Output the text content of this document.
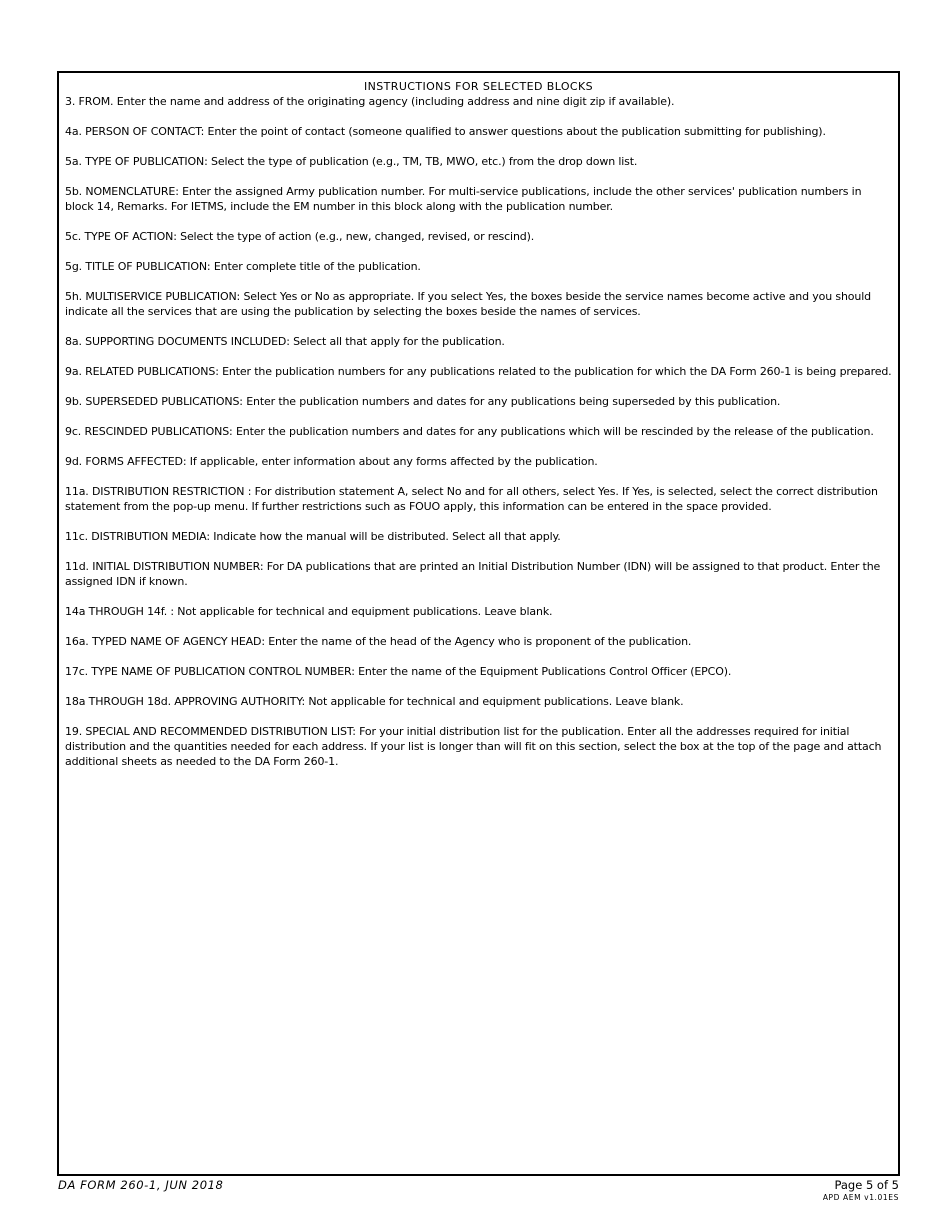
INSTRUCTIONS FOR SELECTED BLOCKS

3. FROM. Enter the name and address of the originating agency (including address and nine digit zip if available).

4a. PERSON OF CONTACT: Enter the point of contact (someone qualified to answer questions about the publication submitting for publishing).

5a. TYPE OF PUBLICATION: Select the type of publication (e.g., TM, TB, MWO, etc.) from the drop down list.

5b. NOMENCLATURE: Enter the assigned Army publication number. For multi-service publications, include the other services' publication numbers in block 14, Remarks. For IETMS, include the EM number in this block along with the publication number.

5c. TYPE OF ACTION: Select the type of action (e.g., new, changed, revised, or rescind).

5g. TITLE OF PUBLICATION: Enter complete title of the publication.

5h. MULTISERVICE PUBLICATION: Select Yes or No as appropriate. If you select Yes, the boxes beside the service names become active and you should indicate all the services that are using the publication by selecting the boxes beside the names of services.

8a. SUPPORTING DOCUMENTS INCLUDED: Select all that apply for the publication.

9a. RELATED PUBLICATIONS: Enter the publication numbers for any publications related to the publication for which the DA Form 260-1 is being prepared.

9b. SUPERSEDED PUBLICATIONS: Enter the publication numbers and dates for any publications being superseded by this publication.

9c. RESCINDED PUBLICATIONS: Enter the publication numbers and dates for any publications which will be rescinded by the release of the publication.

9d. FORMS AFFECTED: If applicable, enter information about any forms affected by the publication.

11a. DISTRIBUTION RESTRICTION : For distribution statement A, select No and for all others, select Yes. If Yes, is selected, select the correct distribution statement from the pop-up menu. If further restrictions such as FOUO apply, this information can be entered in the space provided.

11c. DISTRIBUTION MEDIA: Indicate how the manual will be distributed. Select all that apply.

11d. INITIAL DISTRIBUTION NUMBER: For DA publications that are printed an Initial Distribution Number (IDN) will be assigned to that product. Enter the assigned IDN if known.

14a THROUGH 14f. : Not applicable for technical and equipment publications. Leave blank.

16a. TYPED NAME OF AGENCY HEAD: Enter the name of the head of the Agency who is proponent of the publication.

17c. TYPE NAME OF PUBLICATION CONTROL NUMBER: Enter the name of the Equipment Publications Control Officer (EPCO).

18a THROUGH 18d. APPROVING AUTHORITY: Not applicable for technical and equipment publications. Leave blank.

19. SPECIAL AND RECOMMENDED DISTRIBUTION LIST: For your initial distribution list for the publication. Enter all the addresses required for initial distribution and the quantities needed for each address. If your list is longer than will fit on this section, select the box at the top of the page and attach additional sheets as needed to the DA Form 260-1.

DA FORM 260-1, JUN 2018	Page 5 of 5
APD AEM v1.01ES
